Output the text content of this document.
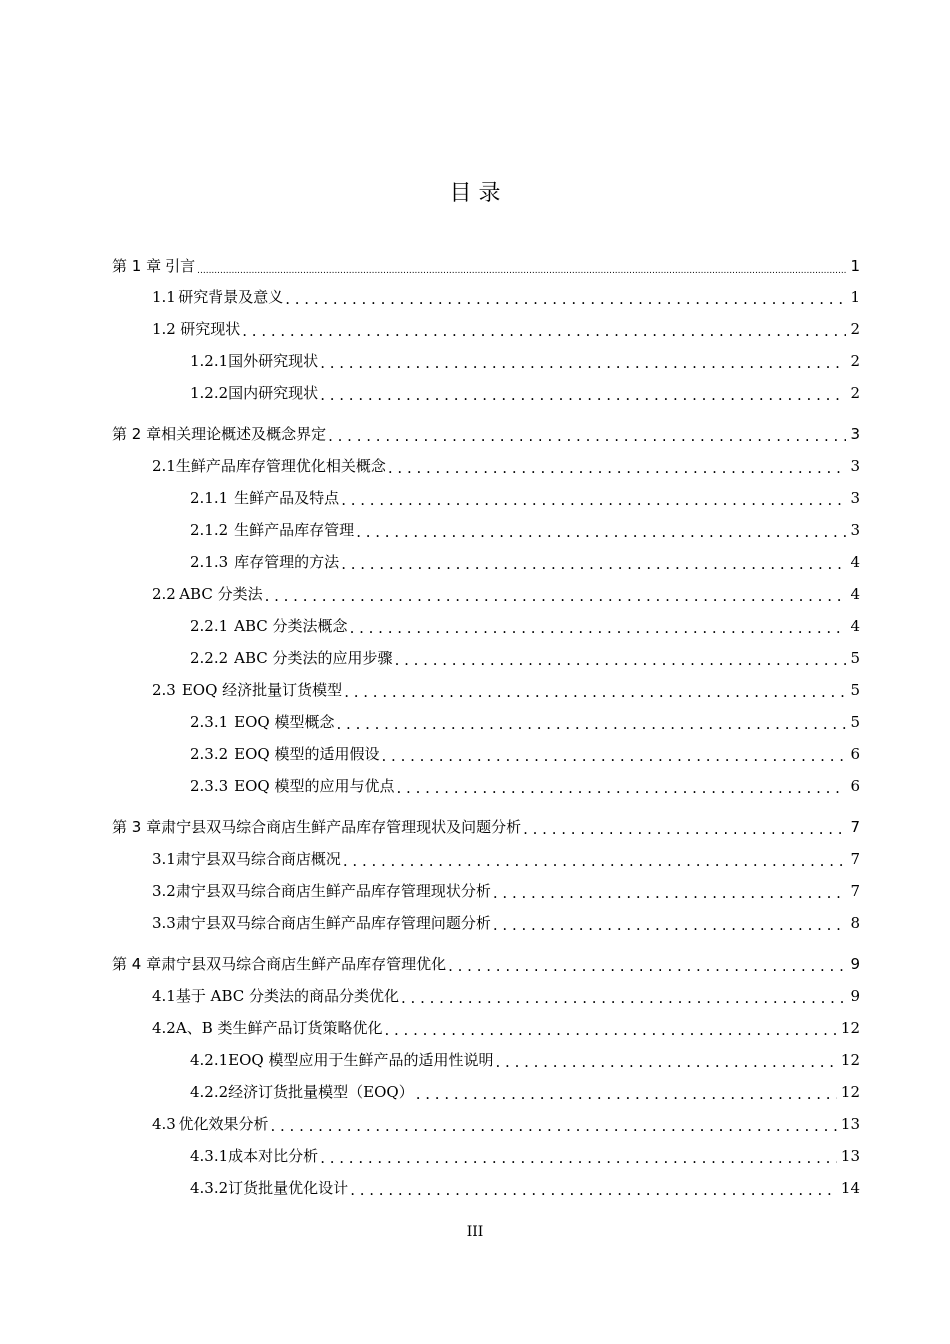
目 录
第 1 章 引言 .....	1
1.1 研究背景及意义 . . .	1
1.2 研究现状 . . .	2
1.2.1 国外研究现状 . . .	2
1.2.2 国内研究现状 . . .	2
第 2 章 相关理论概述及概念界定 . . .	3
2.1 生鲜产品库存管理优化相关概念 . . .	3
2.1.1 生鲜产品及特点 . . .	3
2.1.2 生鲜产品库存管理 . . .	3
2.1.3 库存管理的方法 . . .	4
2.2 ABC 分类法 . . .	4
2.2.1 ABC 分类法概念 . . .	4
2.2.2 ABC 分类法的应用步骤 . . .	5
2.3 EOQ 经济批量订货模型 . . .	5
2.3.1 EOQ 模型概念 . . .	5
2.3.2 EOQ 模型的适用假设 . . .	6
2.3.3 EOQ 模型的应用与优点 . . .	6
第 3 章 肃宁县双马综合商店生鲜产品库存管理现状及问题分析 . . .	7
3.1 肃宁县双马综合商店概况 . . .	7
3.2 肃宁县双马综合商店生鲜产品库存管理现状分析 . . .	7
3.3 肃宁县双马综合商店生鲜产品库存管理问题分析 . . .	8
第 4 章 肃宁县双马综合商店生鲜产品库存管理优化 . . .	9
4.1 基于 ABC 分类法的商品分类优化 . . .	9
4.2 A、B 类生鲜产品订货策略优化 . . .	12
4.2.1 EOQ 模型应用于生鲜产品的适用性说明 . . .	12
4.2.2 经济订货批量模型（EOQ） . . .	12
4.3 优化效果分析 . . .	13
4.3.1 成本对比分析 . . .	13
4.3.2 订货批量优化设计 . . .	14
III
